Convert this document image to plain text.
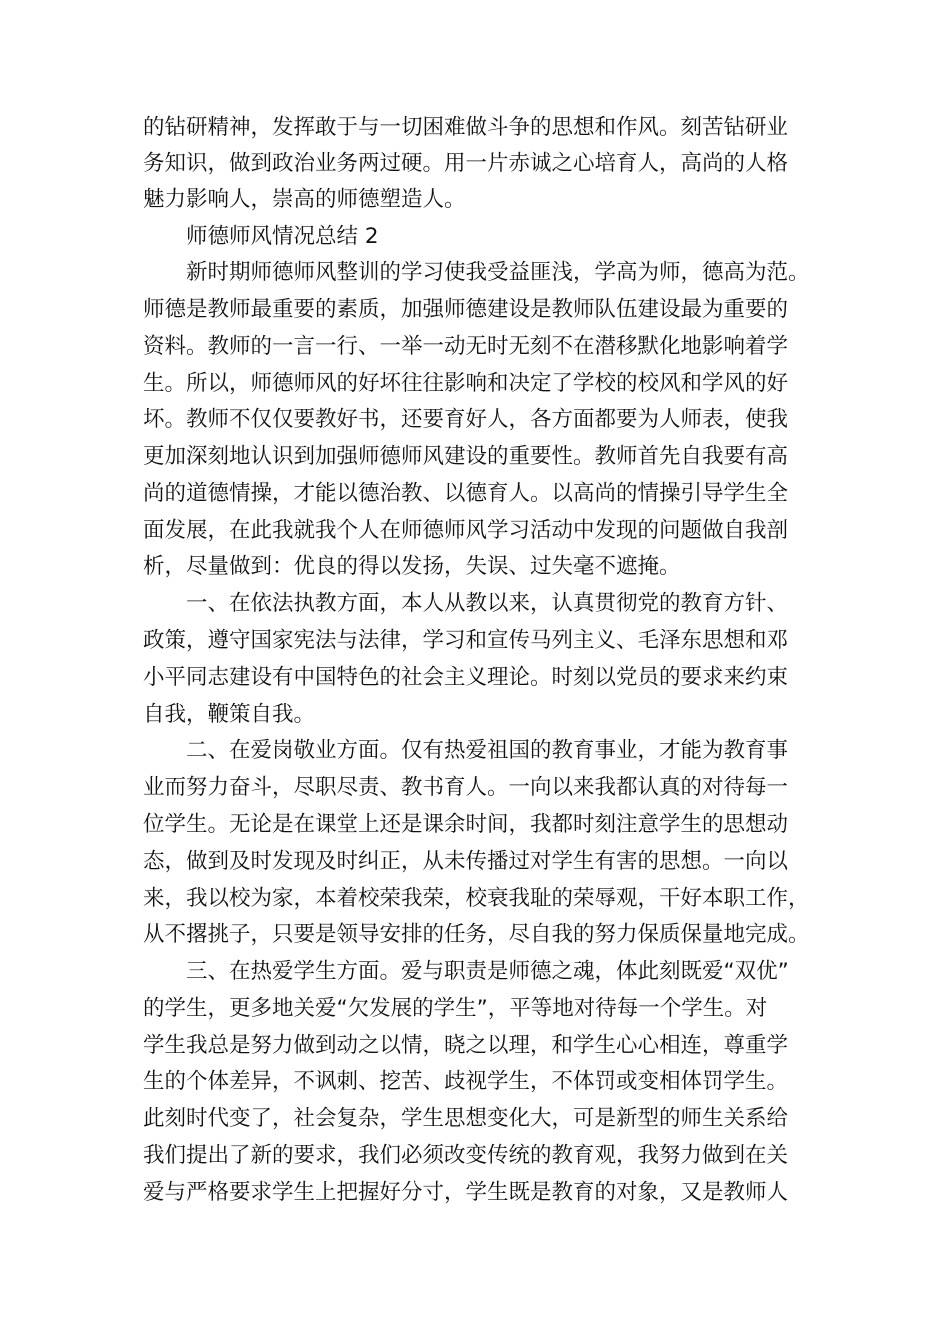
的钻研精神，发挥敢于与一切困难做斗争的思想和作风。刻苦钻研业
务知识，做到政治业务两过硬。用一片赤诚之心培育人，高尚的人格
魅力影响人，崇高的师德塑造人。
师德师风情况总结 2
新时期师德师风整训的学习使我受益匪浅，学高为师，德高为范。
师德是教师最重要的素质，加强师德建设是教师队伍建设最为重要的
资料。教师的一言一行、一举一动无时无刻不在潜移默化地影响着学
生。所以，师德师风的好坏往往影响和决定了学校的校风和学风的好
坏。教师不仅仅要教好书，还要育好人，各方面都要为人师表，使我
更加深刻地认识到加强师德师风建设的重要性。教师首先自我要有高
尚的道德情操，才能以德治教、以德育人。以高尚的情操引导学生全
面发展，在此我就我个人在师德师风学习活动中发现的问题做自我剖
析，尽量做到：优良的得以发扬，失误、过失毫不遮掩。
一、在依法执教方面，本人从教以来，认真贯彻党的教育方针、
政策，遵守国家宪法与法律，学习和宣传马列主义、毛泽东思想和邓
小平同志建设有中国特色的社会主义理论。时刻以党员的要求来约束
自我，鞭策自我。
二、在爱岗敬业方面。仅有热爱祖国的教育事业，才能为教育事
业而努力奋斗，尽职尽责、教书育人。一向以来我都认真的对待每一
位学生。无论是在课堂上还是课余时间，我都时刻注意学生的思想动
态，做到及时发现及时纠正，从未传播过对学生有害的思想。一向以
来，我以校为家，本着校荣我荣，校衰我耻的荣辱观，干好本职工作，
从不撂挑子，只要是领导安排的任务，尽自我的努力保质保量地完成。
三、在热爱学生方面。爱与职责是师德之魂，体此刻既爱“双优”
的学生，更多地关爱“欠发展的学生”，平等地对待每一个学生。对
学生我总是努力做到动之以情，晓之以理，和学生心心相连，尊重学
生的个体差异，不讽刺、挖苦、歧视学生，不体罚或变相体罚学生。
此刻时代变了，社会复杂，学生思想变化大，可是新型的师生关系给
我们提出了新的要求，我们必须改变传统的教育观，我努力做到在关
爱与严格要求学生上把握好分寸，学生既是教育的对象，又是教师人
